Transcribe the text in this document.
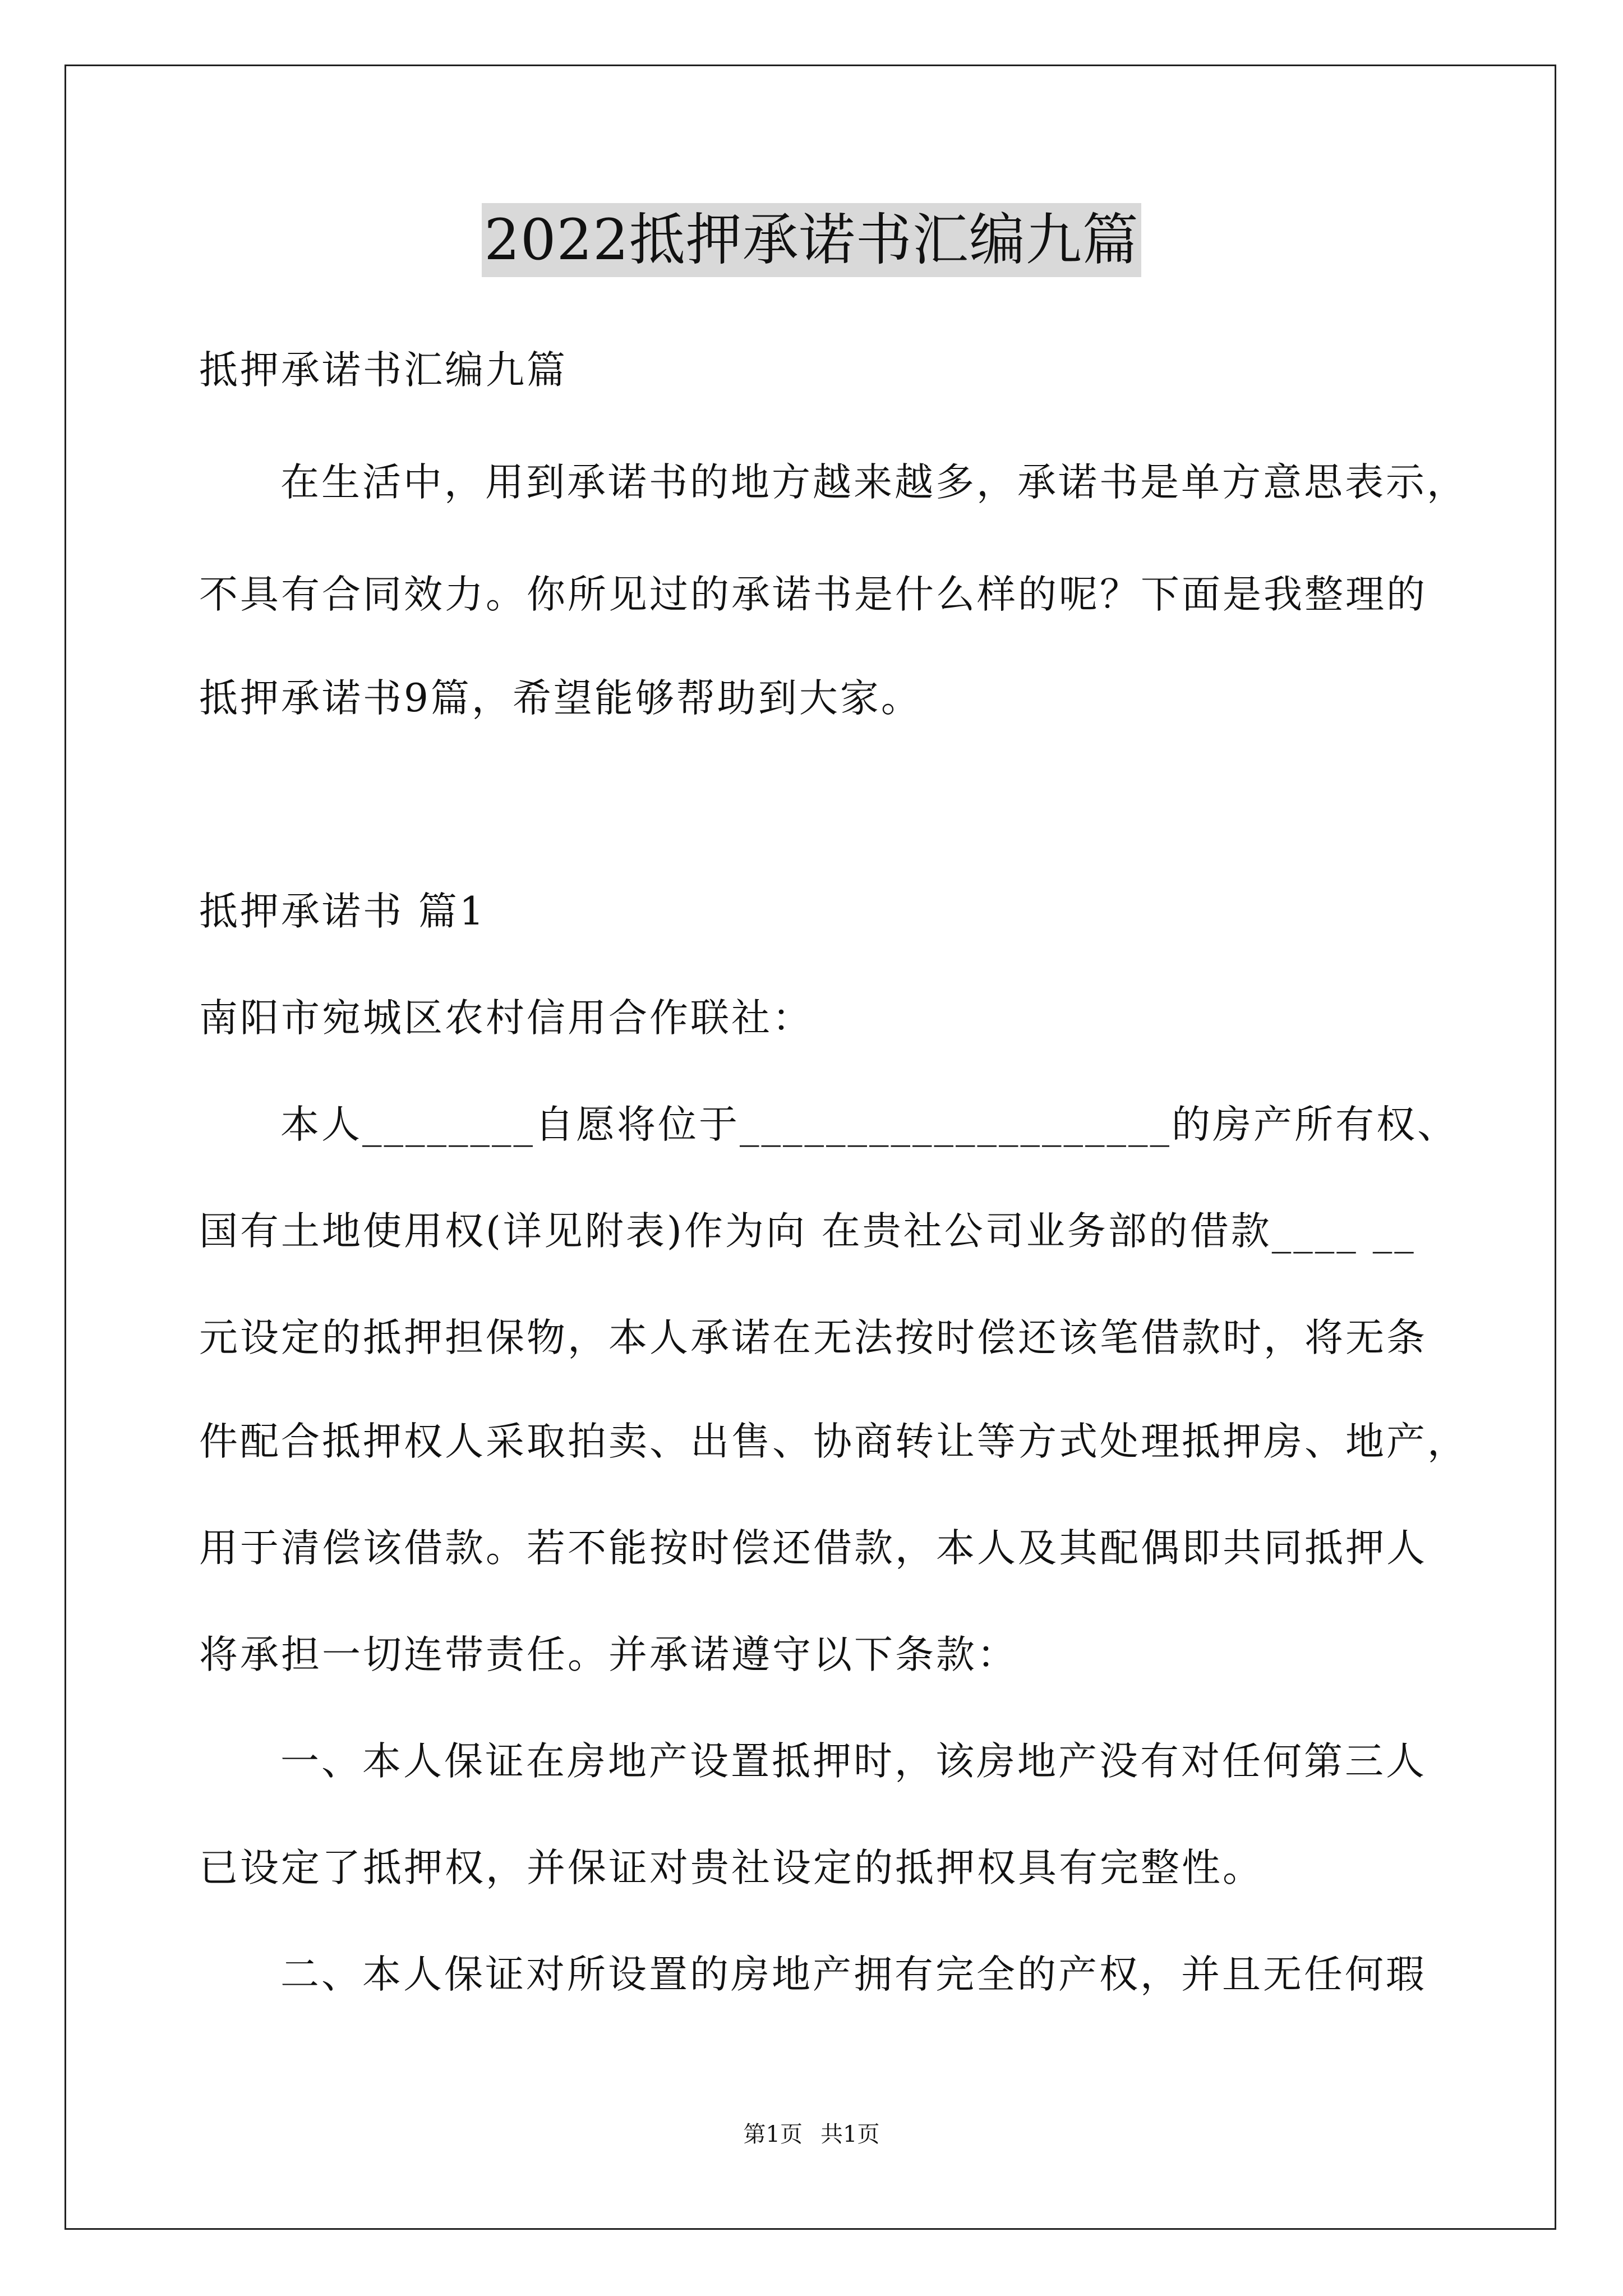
2022抵押承诺书汇编九篇
抵押承诺书汇编九篇
在生活中，用到承诺书的地方越来越多，承诺书是单方意思表示，
不具有合同效力。你所见过的承诺书是什么样的呢？下面是我整理的
抵押承诺书9篇，希望能够帮助到大家。
抵押承诺书 篇1
南阳市宛城区农村信用合作联社：
本人________自愿将位于____________________的房产所有权、
国有土地使用权(详见附表)作为向 在贵社公司业务部的借款____ __
元设定的抵押担保物，本人承诺在无法按时偿还该笔借款时，将无条
件配合抵押权人采取拍卖、出售、协商转让等方式处理抵押房、地产，
用于清偿该借款。若不能按时偿还借款，本人及其配偶即共同抵押人
将承担一切连带责任。并承诺遵守以下条款：
一、本人保证在房地产设置抵押时，该房地产没有对任何第三人
已设定了抵押权，并保证对贵社设定的抵押权具有完整性。
二、本人保证对所设置的房地产拥有完全的产权，并且无任何瑕
第1页 共1页
